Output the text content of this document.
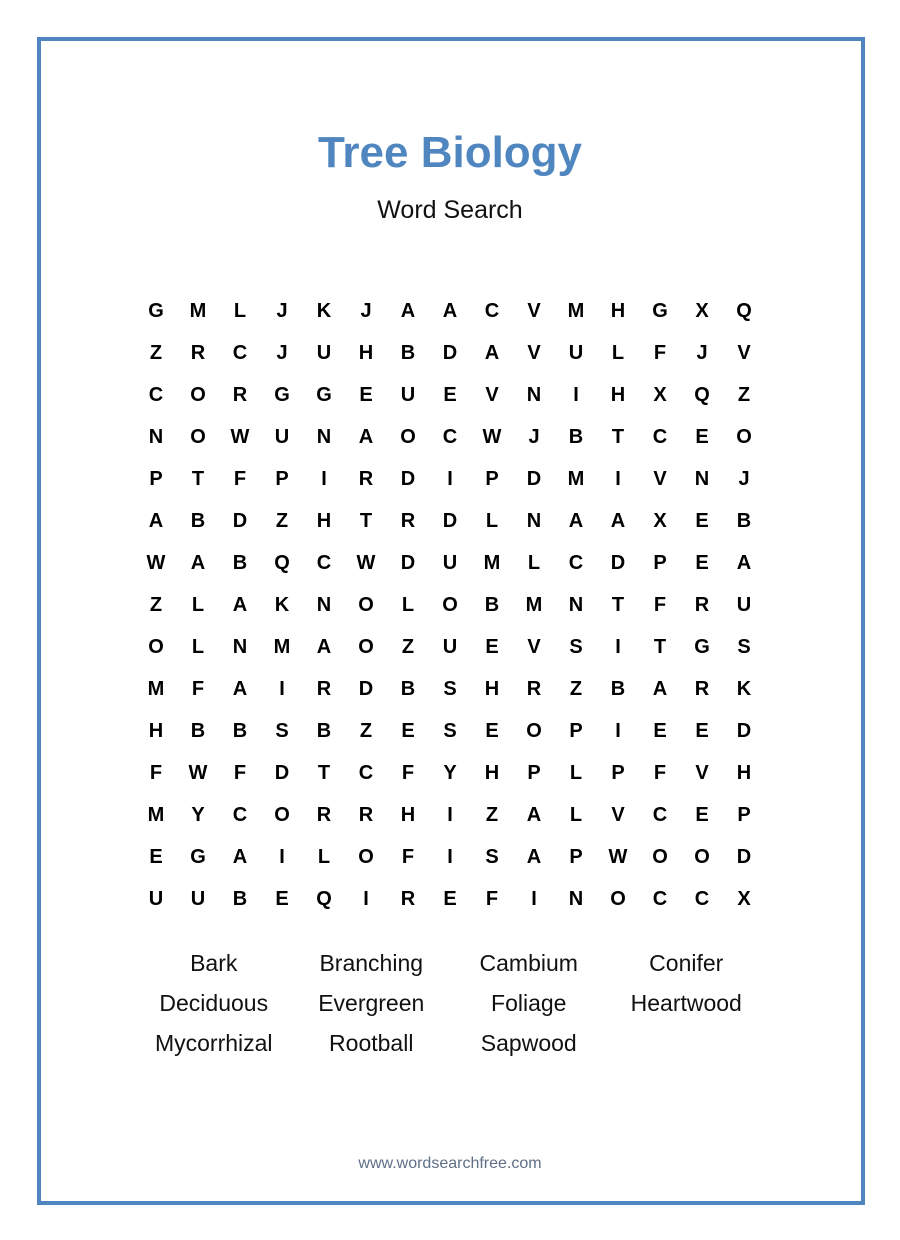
Tree Biology
Word Search
G	M	L	J	K	J	A	A	C	V	M	H	G	X	Q
Z	R	C	J	U	H	B	D	A	V	U	L	F	J	V
C	O	R	G	G	E	U	E	V	N	I	H	X	Q	Z
N	O	W	U	N	A	O	C	W	J	B	T	C	E	O
P	T	F	P	I	R	D	I	P	D	M	I	V	N	J
A	B	D	Z	H	T	R	D	L	N	A	A	X	E	B
W	A	B	Q	C	W	D	U	M	L	C	D	P	E	A
Z	L	A	K	N	O	L	O	B	M	N	T	F	R	U
O	L	N	M	A	O	Z	U	E	V	S	I	T	G	S
M	F	A	I	R	D	B	S	H	R	Z	B	A	R	K
H	B	B	S	B	Z	E	S	E	O	P	I	E	E	D
F	W	F	D	T	C	F	Y	H	P	L	P	F	V	H
M	Y	C	O	R	R	H	I	Z	A	L	V	C	E	P
E	G	A	I	L	O	F	I	S	A	P	W	O	O	D
U	U	B	E	Q	I	R	E	F	I	N	O	C	C	X
Bark	Branching	Cambium	Conifer
Deciduous	Evergreen	Foliage	Heartwood
Mycorrhizal	Rootball	Sapwood
www.wordsearchfree.com
